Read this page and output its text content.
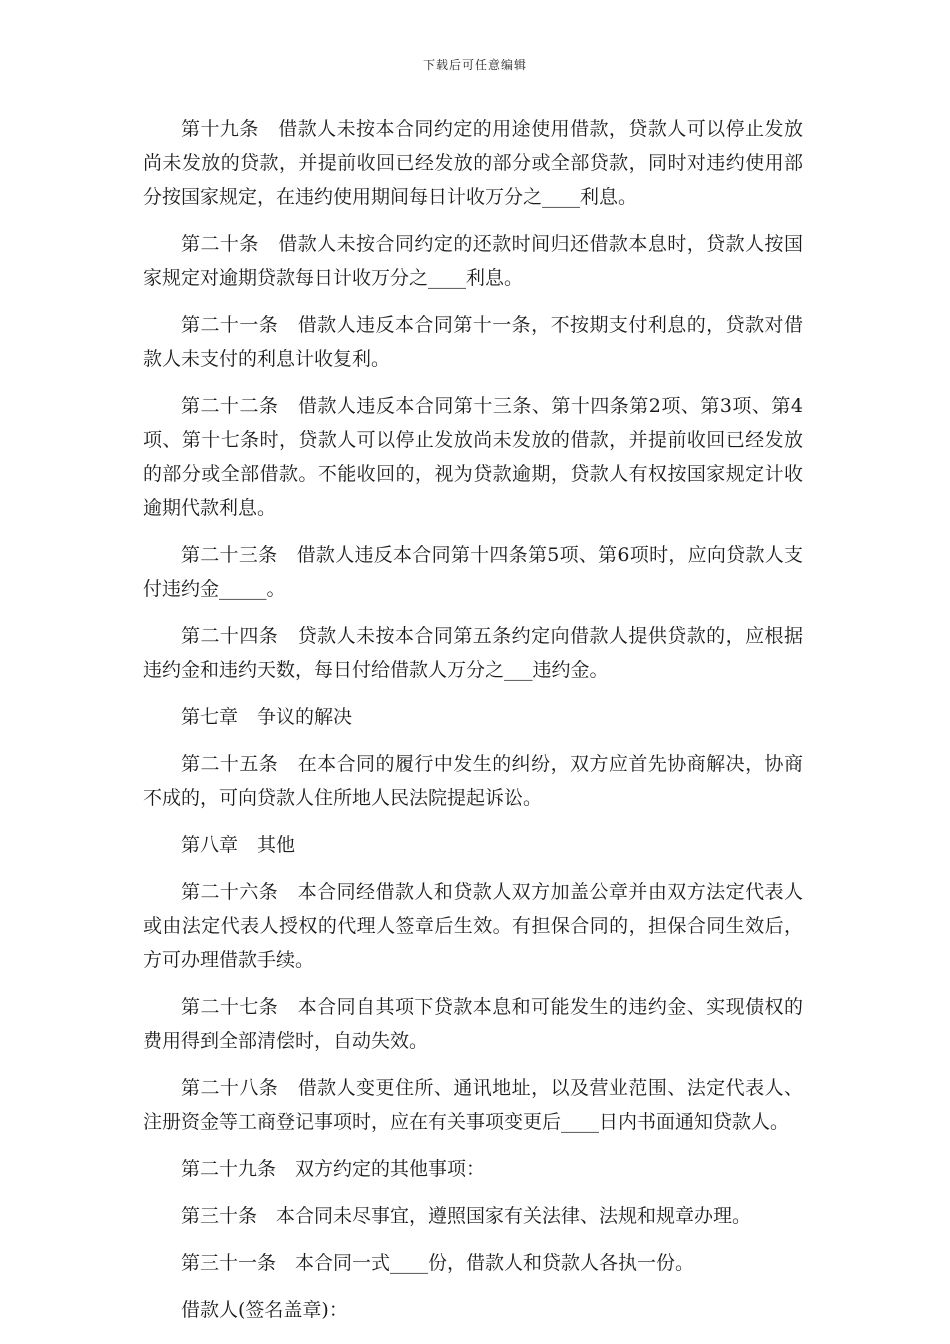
下载后可任意编辑

第十九条　借款人未按本合同约定的用途使用借款，贷款人可以停止发放尚未发放的贷款，并提前收回已经发放的部分或全部贷款，同时对违约使用部分按国家规定，在违约使用期间每日计收万分之____利息。

第二十条　借款人未按合同约定的还款时间归还借款本息时，贷款人按国家规定对逾期贷款每日计收万分之____利息。

第二十一条　借款人违反本合同第十一条，不按期支付利息的，贷款对借款人未支付的利息计收复利。

第二十二条　借款人违反本合同第十三条、第十四条第2项、第3项、第4项、第十七条时，贷款人可以停止发放尚未发放的借款，并提前收回已经发放的部分或全部借款。不能收回的，视为贷款逾期，贷款人有权按国家规定计收逾期代款利息。

第二十三条　借款人违反本合同第十四条第5项、第6项时，应向贷款人支付违约金_____。

第二十四条　贷款人未按本合同第五条约定向借款人提供贷款的，应根据违约金和违约天数，每日付给借款人万分之___违约金。

第七章　争议的解决

第二十五条　在本合同的履行中发生的纠纷，双方应首先协商解决，协商不成的，可向贷款人住所地人民法院提起诉讼。

第八章　其他

第二十六条　本合同经借款人和贷款人双方加盖公章并由双方法定代表人或由法定代表人授权的代理人签章后生效。有担保合同的，担保合同生效后，方可办理借款手续。

第二十七条　本合同自其项下贷款本息和可能发生的违约金、实现债权的费用得到全部清偿时，自动失效。

第二十八条　借款人变更住所、通讯地址，以及营业范围、法定代表人、注册资金等工商登记事项时，应在有关事项变更后____日内书面通知贷款人。

第二十九条　双方约定的其他事项：

第三十条　本合同未尽事宜，遵照国家有关法律、法规和规章办理。

第三十一条　本合同一式____份，借款人和贷款人各执一份。

借款人(签名盖章)：
